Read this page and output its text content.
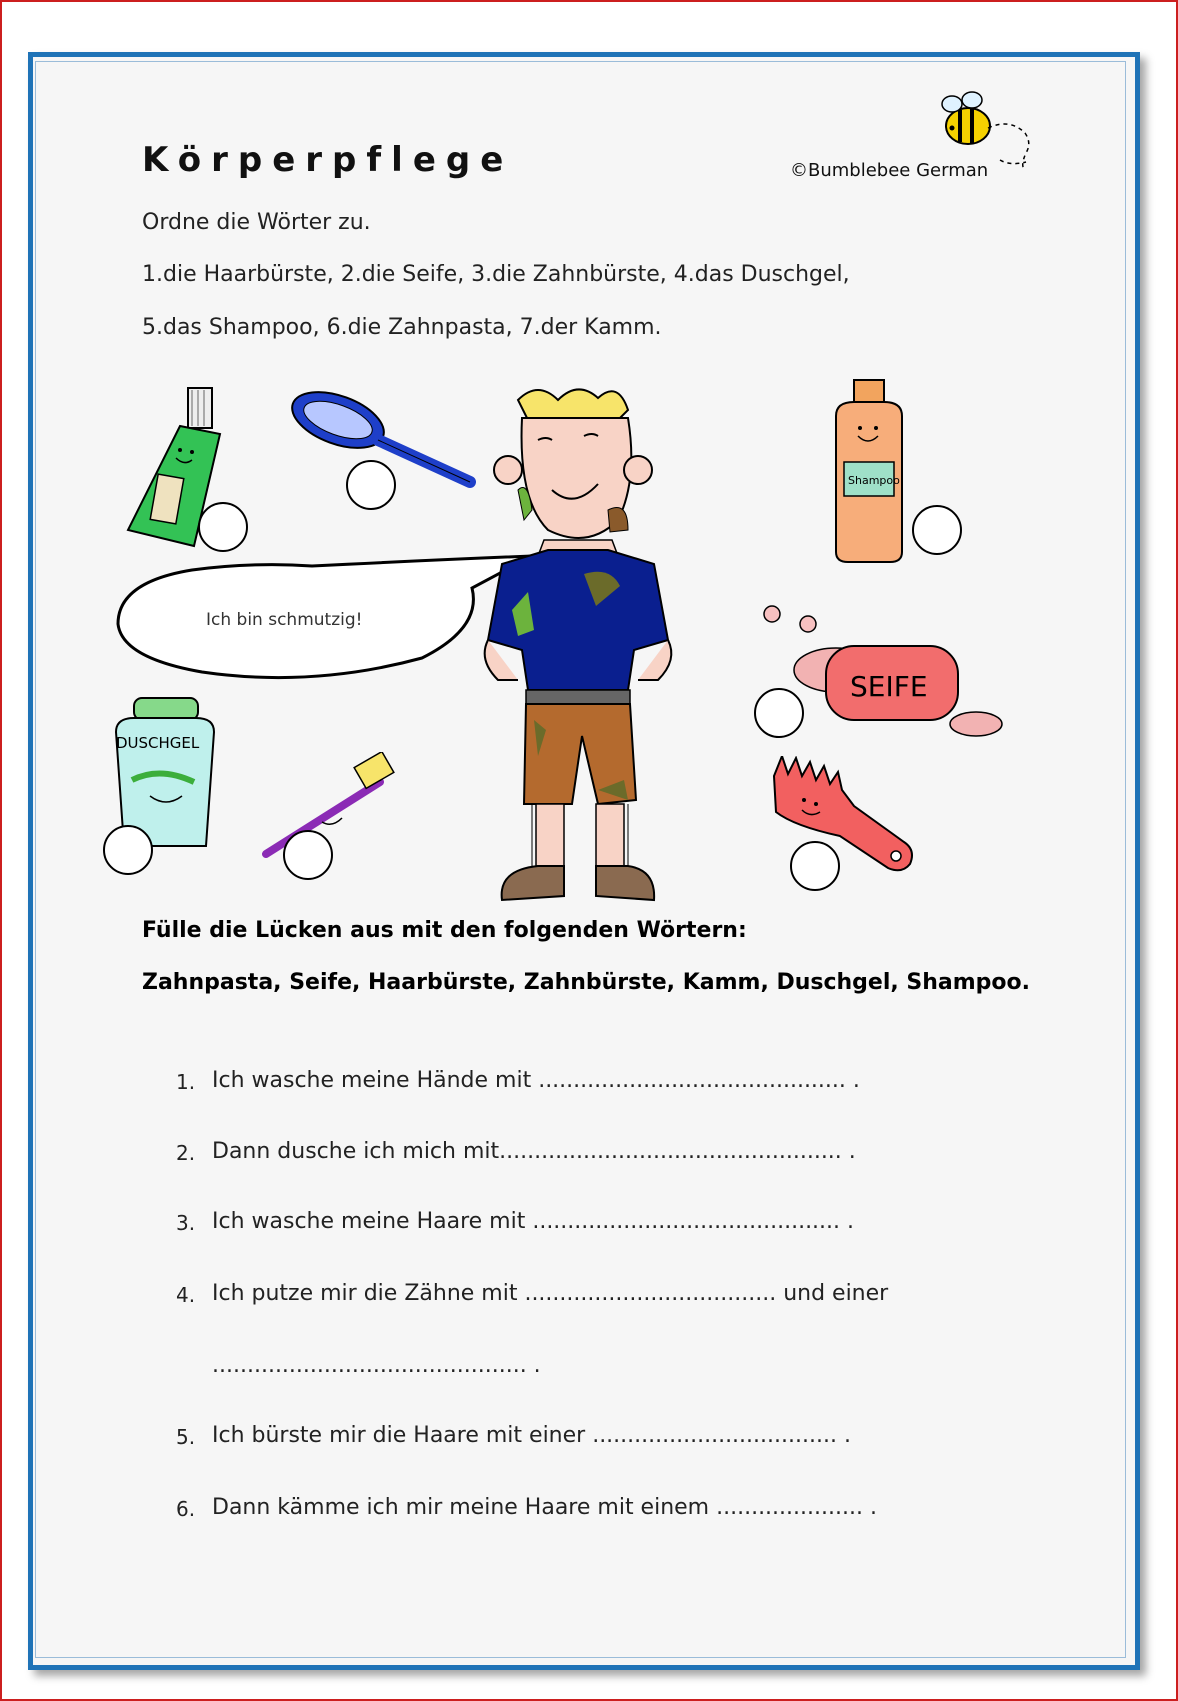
Körperpflege	©Bumblebee German
Ordne die Wörter zu.
1.die Haarbürste, 2.die Seife, 3.die Zahnbürste, 4.das Duschgel,
5.das Shampoo, 6.die Zahnpasta, 7.der Kamm.
Shampoo
Ich bin schmutzig!
SEIFE
DUSCHGEL
Fülle die Lücken aus mit den folgenden Wörtern:
Zahnpasta, Seife, Haarbürste, Zahnbürste, Kamm, Duschgel, Shampoo.
1. Ich wasche meine Hände mit ............................................ .
2. Dann dusche ich mich mit................................................. .
3. Ich wasche meine Haare mit ............................................ .
4. Ich putze mir die Zähne mit .................................... und einer
............................................. .
5. Ich bürste mir die Haare mit einer ................................... .
6. Dann kämme ich mir meine Haare mit einem ..................... .
